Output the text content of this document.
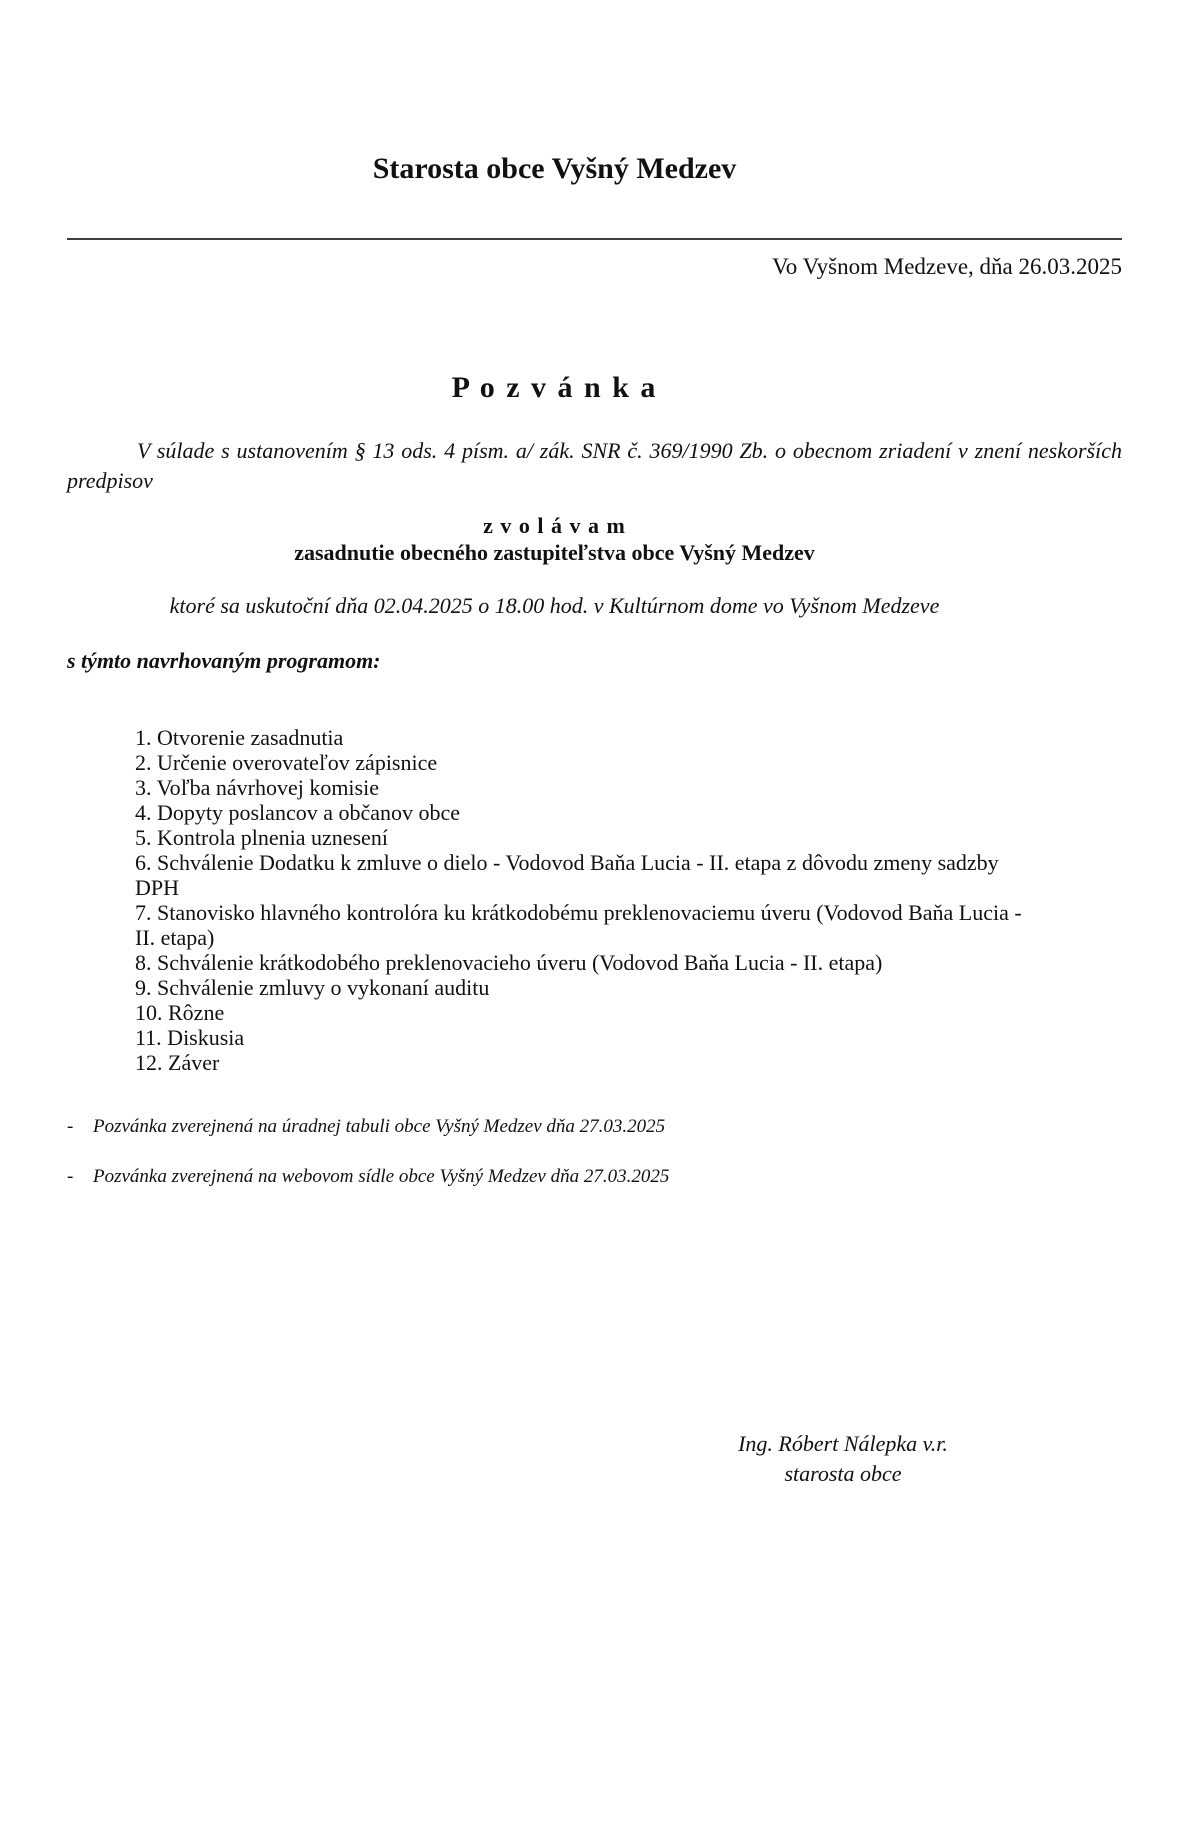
Starosta obce Vyšný Medzev
Vo Vyšnom Medzeve, dňa 26.03.2025
P o z v á n k a
V súlade s ustanovením § 13 ods. 4 písm. a/ zák. SNR č. 369/1990 Zb. o obecnom zriadení v znení neskorších predpisov
z v o l á v a m
zasadnutie obecného zastupiteľstva obce Vyšný Medzev
ktoré sa uskutoční dňa 02.04.2025 o 18.00 hod. v Kultúrnom dome vo Vyšnom Medzeve
s týmto navrhovaným programom:
1. Otvorenie zasadnutia
2. Určenie overovateľov zápisnice
3. Voľba návrhovej komisie
4. Dopyty poslancov a občanov obce
5. Kontrola plnenia uznesení
6. Schválenie Dodatku k zmluve o dielo - Vodovod Baňa Lucia - II. etapa z dôvodu zmeny sadzby DPH
7. Stanovisko hlavného kontrolóra ku krátkodobému preklenovaciemu úveru (Vodovod Baňa Lucia - II. etapa)
8. Schválenie krátkodobého preklenovacieho úveru (Vodovod Baňa Lucia - II. etapa)
9. Schválenie zmluvy o vykonaní auditu
10. Rôzne
11. Diskusia
12. Záver
-	Pozvánka zverejnená na úradnej tabuli obce Vyšný Medzev dňa 27.03.2025
-	Pozvánka zverejnená na webovom sídle obce Vyšný Medzev dňa 27.03.2025
Ing. Róbert Nálepka v.r.
starosta obce
